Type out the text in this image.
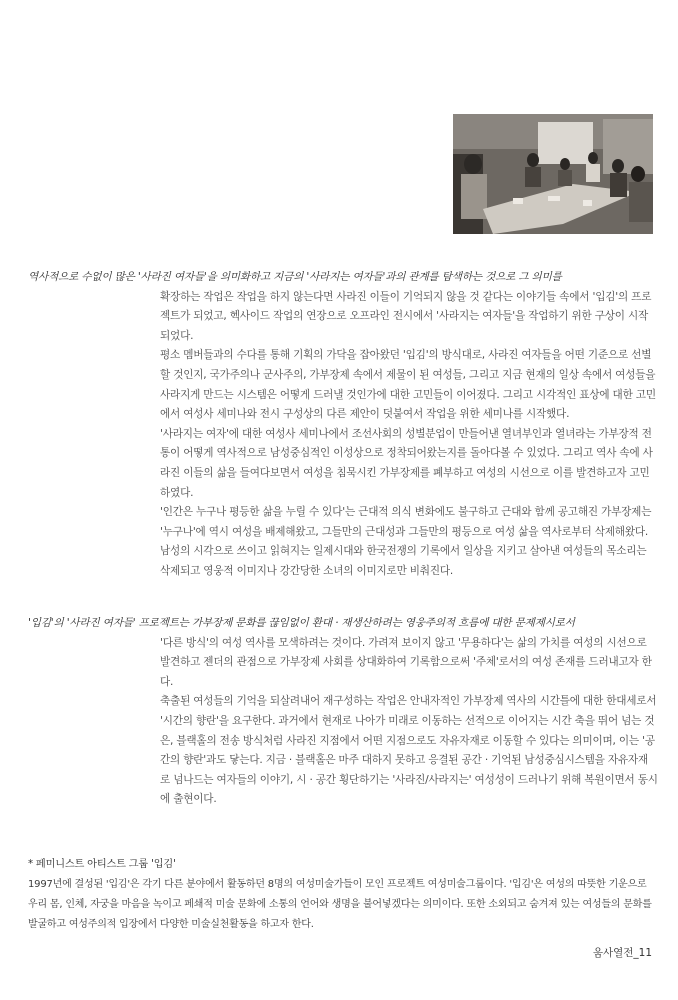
역사적으로 수없이 많은 '사라진 여자들'을 의미화하고 지금의 '사라지는 여자들'과의 관계를 탐색하는 것으로 그 의미를

확장하는 작업은 작업을 하지 않는다면 사라진 이들이 기억되지 않을 것 같다는 이야기들 속에서 '입김'의 프로젝트가 되었고, 헥사이드 작업의 연장으로 오프라인 전시에서 '사라지는 여자들'을 작업하기 위한 구상이 시작되었다.

평소 멤버들과의 수다를 통해 기획의 가닥을 잡아왔던 '입김'의 방식대로, 사라진 여자들을 어떤 기준으로 선별할 것인지, 국가주의나 군사주의, 가부장제 속에서 제물이 된 여성들, 그리고 지금 현재의 일상 속에서 여성들을 사라지게 만드는 시스템은 어떻게 드러낼 것인가에 대한 고민들이 이어졌다. 그리고 시각적인 표상에 대한 고민에서 여성사 세미나와 전시 구성상의 다른 제안이 덧붙여서 작업을 위한 세미나를 시작했다.

'사라지는 여자'에 대한 여성사 세미나에서 조선사회의 성별분업이 만들어낸 열녀부인과 열녀라는 가부장적 전통이 어떻게 역사적으로 남성중심적인 이성상으로 정착되어왔는지를 돌아다볼 수 있었다. 그리고 역사 속에 사라진 이들의 삶을 들여다보면서 여성을 침묵시킨 가부장제를 폐부하고 여성의 시선으로 이를 발견하고자 고민하였다.

'인간은 누구나 평등한 삶을 누릴 수 있다'는 근대적 의식 변화에도 불구하고 근대와 함께 공고해진 가부장제는 '누구나'에 역시 여성을 배제해왔고, 그들만의 근대성과 그들만의 평등으로 여성 삶을 역사로부터 삭제해왔다. 남성의 시각으로 쓰이고 읽혀지는 일제시대와 한국전쟁의 기록에서 일상을 지키고 살아낸 여성들의 목소리는 삭제되고 영웅적 이미지나 강간당한 소녀의 이미지로만 비춰진다.

'입김'의 '사라진 여자들' 프로젝트는 가부장제 문화를 끊임없이 환대 · 재생산하려는 영웅주의적 흐름에 대한 문제제시로서

'다른 방식'의 여성 역사를 모색하려는 것이다. 가려져 보이지 않고 '무용하다'는 삶의 가치를 여성의 시선으로 발견하고 젠더의 관점으로 가부장제 사회를 상대화하여 기록함으로써 '주체'로서의 여성 존재를 드러내고자 한다.

축출된 여성들의 기억을 되살려내어 재구성하는 작업은 안내자적인 가부장제 역사의 시간틀에 대한 한대세로서 '시간의 향란'을 요구한다. 과거에서 현재로 나아가 미래로 이동하는 선적으로 이어지는 시간 축을 뛰어 넘는 것은, 블랙홀의 전송 방식처럼 사라진 지점에서 어떤 지점으로도 자유자재로 이동할 수 있다는 의미이며, 이는 '공간의 향란'과도 닿는다. 지금 · 블랙홀은 마주 대하지 못하고 응결된 공간 · 기억된 남성중심시스템을 자유자재로 넘나드는 여자들의 이야기, 시 · 공간 횡단하기는 '사라진/사라지는' 여성성이 드러나기 위해 복원이면서 동시에 출현이다.

* 페미니스트 아티스트 그룹 '입김'
1997년에 결성된 '입김'은 각기 다른 분야에서 활동하던 8명의 여성미술가들이 모인 프로젝트 여성미술그룹이다. '입김'은 여성의 따뜻한 기운으로 우리 몸, 인체, 자궁을 마음을 녹이고 페쇄적 미술 문화에 소통의 언어와 생명을 불어넣겠다는 의미이다. 또한 소외되고 숨겨져 있는 여성들의 문화를 발굴하고 여성주의적 입장에서 다양한 미술실천활동을 하고자 한다.
움사열전_11
